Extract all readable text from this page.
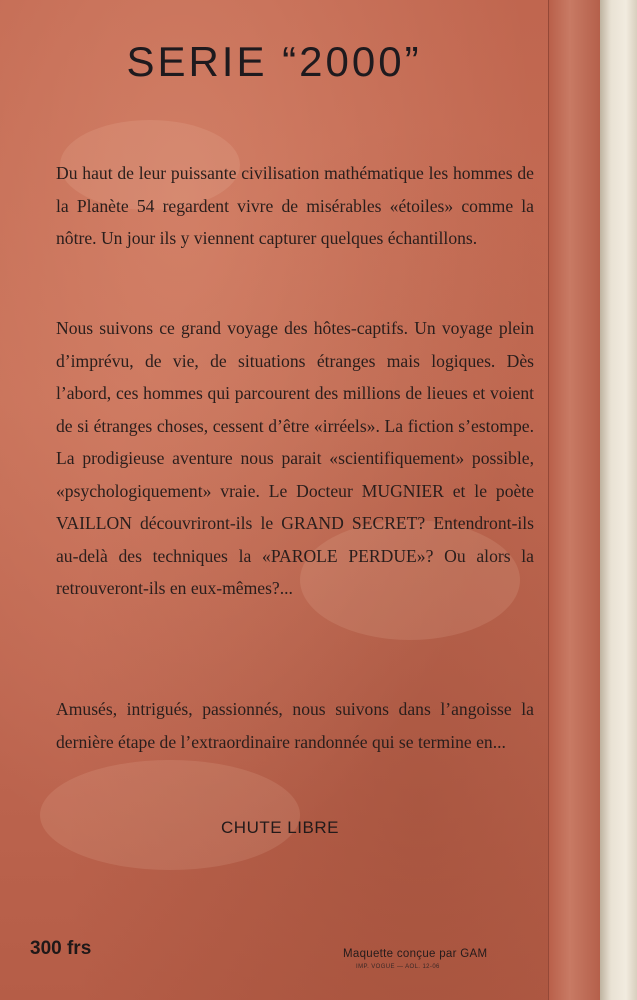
SERIE “2000”

Du haut de leur puissante civilisation mathématique les hommes de la Planète 54 regardent vivre de misérables «étoiles» comme la nôtre. Un jour ils y viennent capturer quelques échantillons.

Nous suivons ce grand voyage des hôtes-captifs. Un voyage plein d’imprévu, de vie, de situations étranges mais logiques. Dès l’abord, ces hommes qui parcourent des millions de lieues et voient de si étranges choses, cessent d’être «irréels». La fiction s’estompe. La prodigieuse aventure nous parait «scientifiquement» possible, «psychologiquement» vraie. Le Docteur MUGNIER et le poète VAILLON découvriront-ils le GRAND SECRET? Entendront-ils au-delà des techniques la «PAROLE PERDUE»? Ou alors la retrouveront-ils en eux-mêmes?...

Amusés, intrigués, passionnés, nous suivons dans l’angoisse la dernière étape de l’extraordinaire randonnée qui se termine en...

CHUTE LIBRE
300 frs	Maquette conçue par GAM
IMP. VOGUE — AOL. 12-06
